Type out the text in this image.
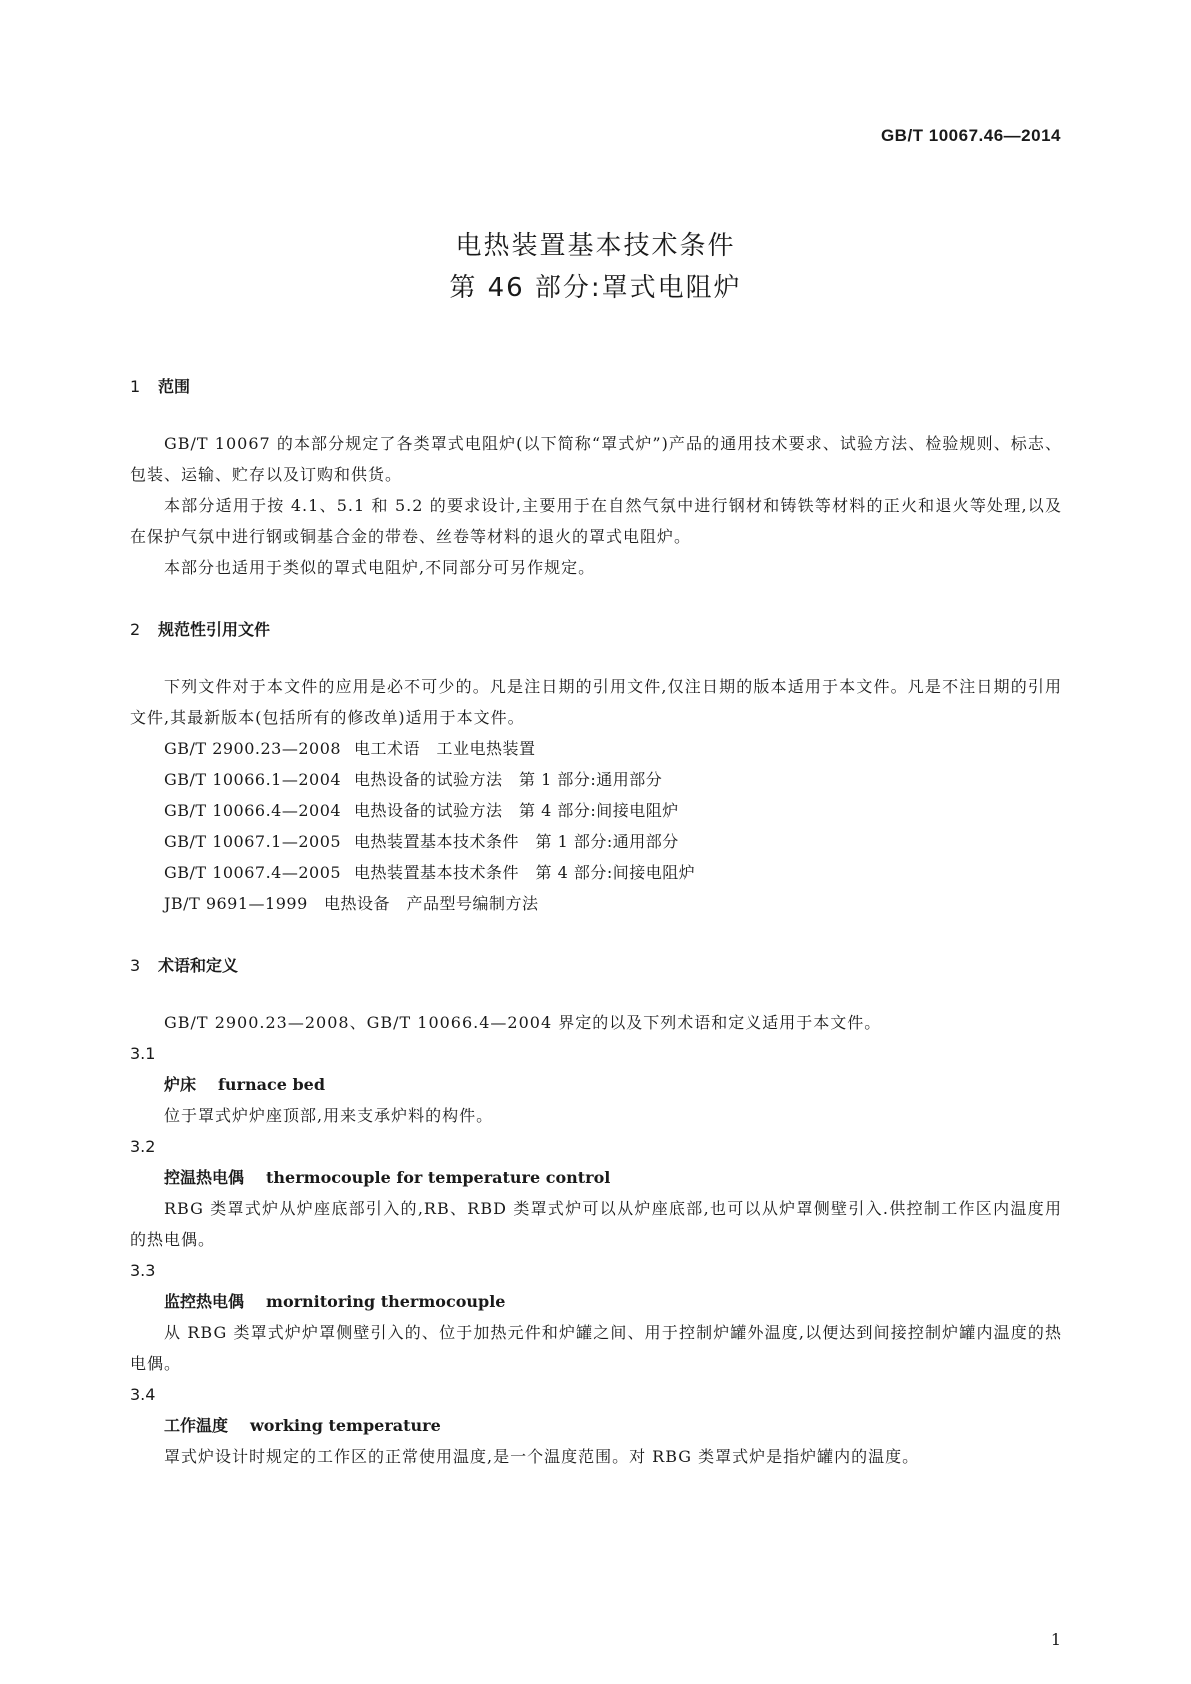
GB/T 10067.46—2014
电热装置基本技术条件
第 46 部分:罩式电阻炉
1 范围
GB/T 10067 的本部分规定了各类罩式电阻炉(以下简称“罩式炉”)产品的通用技术要求、试验方法、检验规则、标志、包装、运输、贮存以及订购和供货。
本部分适用于按 4.1、5.1 和 5.2 的要求设计,主要用于在自然气氛中进行钢材和铸铁等材料的正火和退火等处理,以及在保护气氛中进行钢或铜基合金的带卷、丝卷等材料的退火的罩式电阻炉。
本部分也适用于类似的罩式电阻炉,不同部分可另作规定。
2 规范性引用文件
下列文件对于本文件的应用是必不可少的。凡是注日期的引用文件,仅注日期的版本适用于本文件。凡是不注日期的引用文件,其最新版本(包括所有的修改单)适用于本文件。
GB/T 2900.23—2008 电工术语　工业电热装置
GB/T 10066.1—2004 电热设备的试验方法　第 1 部分:通用部分
GB/T 10066.4—2004 电热设备的试验方法　第 4 部分:间接电阻炉
GB/T 10067.1—2005 电热装置基本技术条件　第 1 部分:通用部分
GB/T 10067.4—2005 电热装置基本技术条件　第 4 部分:间接电阻炉
JB/T 9691—1999 电热设备　产品型号编制方法
3 术语和定义
GB/T 2900.23—2008、GB/T 10066.4—2004 界定的以及下列术语和定义适用于本文件。
3.1
炉床 furnace bed
位于罩式炉炉座顶部,用来支承炉料的构件。
3.2
控温热电偶 thermocouple for temperature control
RBG 类罩式炉从炉座底部引入的,RB、RBD 类罩式炉可以从炉座底部,也可以从炉罩侧壁引入.供控制工作区内温度用的热电偶。
3.3
监控热电偶 mornitoring thermocouple
从 RBG 类罩式炉炉罩侧壁引入的、位于加热元件和炉罐之间、用于控制炉罐外温度,以便达到间接控制炉罐内温度的热电偶。
3.4
工作温度 working temperature
罩式炉设计时规定的工作区的正常使用温度,是一个温度范围。对 RBG 类罩式炉是指炉罐内的温度。
1
